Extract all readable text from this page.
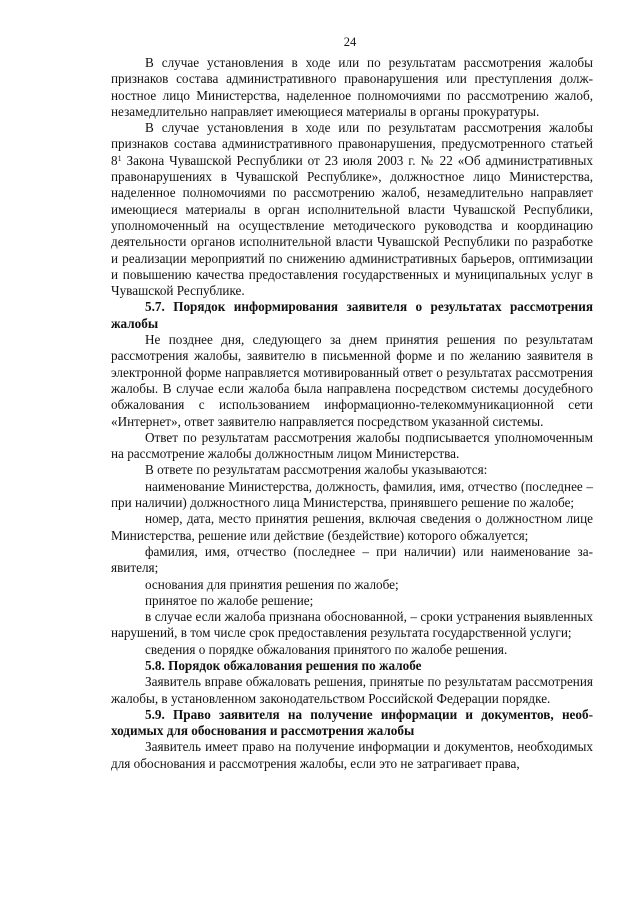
24

В случае установления в ходе или по результатам рассмотрения жалобы признаков состава административного правонарушения или преступления должностное лицо Министерства, наделенное полномочиями по рассмотрению жалоб, незамедлительно направляет имеющиеся материалы в органы прокуратуры.

В случае установления в ходе или по результатам рассмотрения жалобы признаков состава административного правонарушения, предусмотренного статьей $8^1$ Закона Чувашской Республики от 23 июля 2003 г. № 22 «Об административных правонарушениях в Чувашской Республике», должностное лицо Министерства, наделенное полномочиями по рассмотрению жалоб, незамедлительно направляет имеющиеся материалы в орган исполнительной власти Чувашской Республики, уполномоченный на осуществление методического руководства и координацию деятельности органов исполнительной власти Чувашской Республики по разработке и реализации мероприятий по снижению административных барьеров, оптимизации и повышению качества предоставления государственных и муниципальных услуг в Чувашской Республике.

5.7. Порядок информирования заявителя о результатах рассмотрения жалобы

Не позднее дня, следующего за днем принятия решения по результатам рассмотрения жалобы, заявителю в письменной форме и по желанию заявителя в электронной форме направляется мотивированный ответ о результатах рассмотрения жалобы. В случае если жалоба была направлена посредством системы досудебного обжалования с использованием информационно-телекоммуникационной сети «Интернет», ответ заявителю направляется посредством указанной системы.

Ответ по результатам рассмотрения жалобы подписывается уполномоченным на рассмотрение жалобы должностным лицом Министерства.

В ответе по результатам рассмотрения жалобы указываются:

наименование Министерства, должность, фамилия, имя, отчество (последнее – при наличии) должностного лица Министерства, принявшего решение по жалобе;

номер, дата, место принятия решения, включая сведения о должностном лице Министерства, решение или действие (бездействие) которого обжалуется;

фамилия, имя, отчество (последнее – при наличии) или наименование заявителя;

основания для принятия решения по жалобе;

принятое по жалобе решение;

в случае если жалоба признана обоснованной, – сроки устранения выявленных нарушений, в том числе срок предоставления результата государственной услуги;

сведения о порядке обжалования принятого по жалобе решения.

5.8. Порядок обжалования решения по жалобе

Заявитель вправе обжаловать решения, принятые по результатам рассмотрения жалобы, в установленном законодательством Российской Федерации порядке.

5.9. Право заявителя на получение информации и документов, необходимых для обоснования и рассмотрения жалобы

Заявитель имеет право на получение информации и документов, необходимых для обоснования и рассмотрения жалобы, если это не затрагивает права,
